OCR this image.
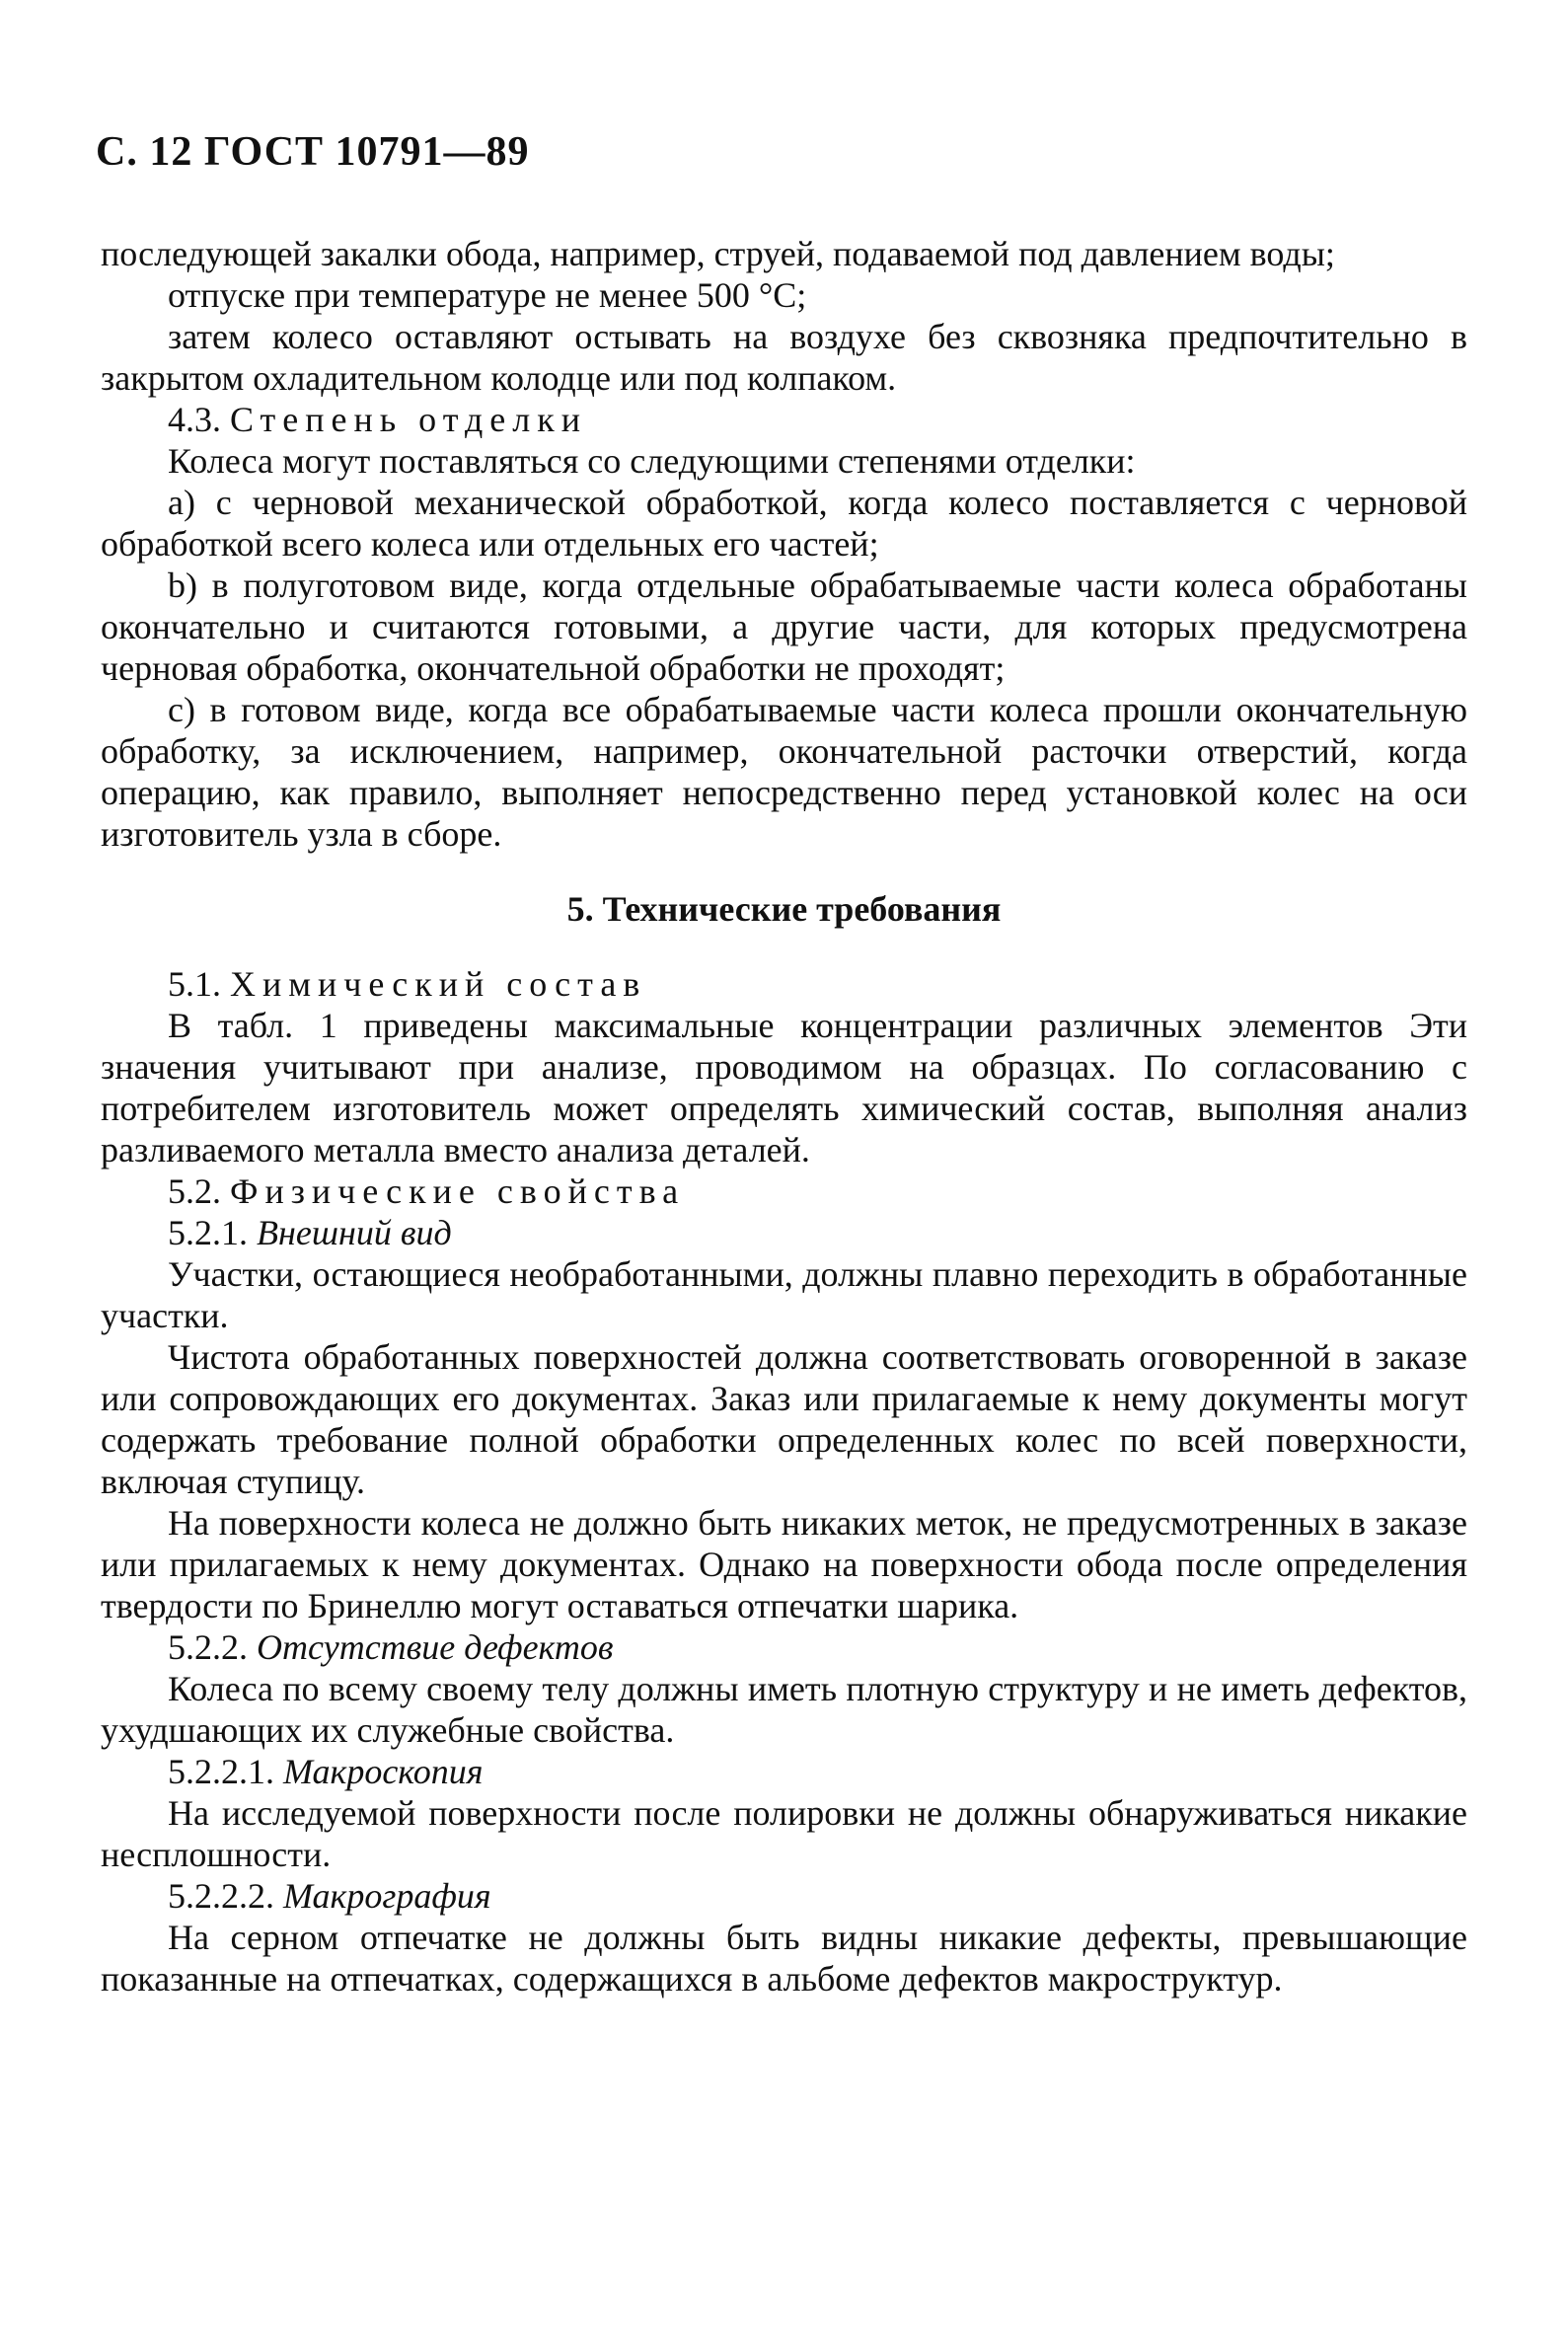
С. 12 ГОСТ 10791—89

последующей закалки обода, например, струей, подаваемой под давлением воды;

отпуске при температуре не менее 500 °С;

затем колесо оставляют остывать на воздухе без сквозняка предпочтительно в закрытом охладительном колодце или под колпаком.

4.3. Степень отделки

Колеса могут поставляться со следующими степенями отделки:

а) с черновой механической обработкой, когда колесо поставляется с черновой обработкой всего колеса или отдельных его частей;

b) в полуготовом виде, когда отдельные обрабатываемые части колеса обработаны окончательно и считаются готовыми, а другие части, для которых предусмотрена черновая обработка, окончательной обработки не проходят;

c) в готовом виде, когда все обрабатываемые части колеса прошли окончательную обработку, за исключением, например, окончательной расточки отверстий, когда операцию, как правило, выполняет непосредственно перед установкой колес на оси изготовитель узла в сборе.

5. Технические требования

5.1. Химический состав

В табл. 1 приведены максимальные концентрации различных элементов Эти значения учитывают при анализе, проводимом на образцах. По согласованию с потребителем изготовитель может определять химический состав, выполняя анализ разливаемого металла вместо анализа деталей.

5.2. Физические свойства

5.2.1. Внешний вид

Участки, остающиеся необработанными, должны плавно переходить в обработанные участки.

Чистота обработанных поверхностей должна соответствовать оговоренной в заказе или сопровождающих его документах. Заказ или прилагаемые к нему документы могут содержать требование полной обработки определенных колес по всей поверхности, включая ступицу.

На поверхности колеса не должно быть никаких меток, не предусмотренных в заказе или прилагаемых к нему документах. Однако на поверхности обода после определения твердости по Бринеллю могут оставаться отпечатки шарика.

5.2.2. Отсутствие дефектов

Колеса по всему своему телу должны иметь плотную структуру и не иметь дефектов, ухудшающих их служебные свойства.

5.2.2.1. Макроскопия

На исследуемой поверхности после полировки не должны обнаруживаться никакие несплошности.

5.2.2.2. Макрография

На серном отпечатке не должны быть видны никакие дефекты, превышающие показанные на отпечатках, содержащихся в альбоме дефектов макроструктур.
